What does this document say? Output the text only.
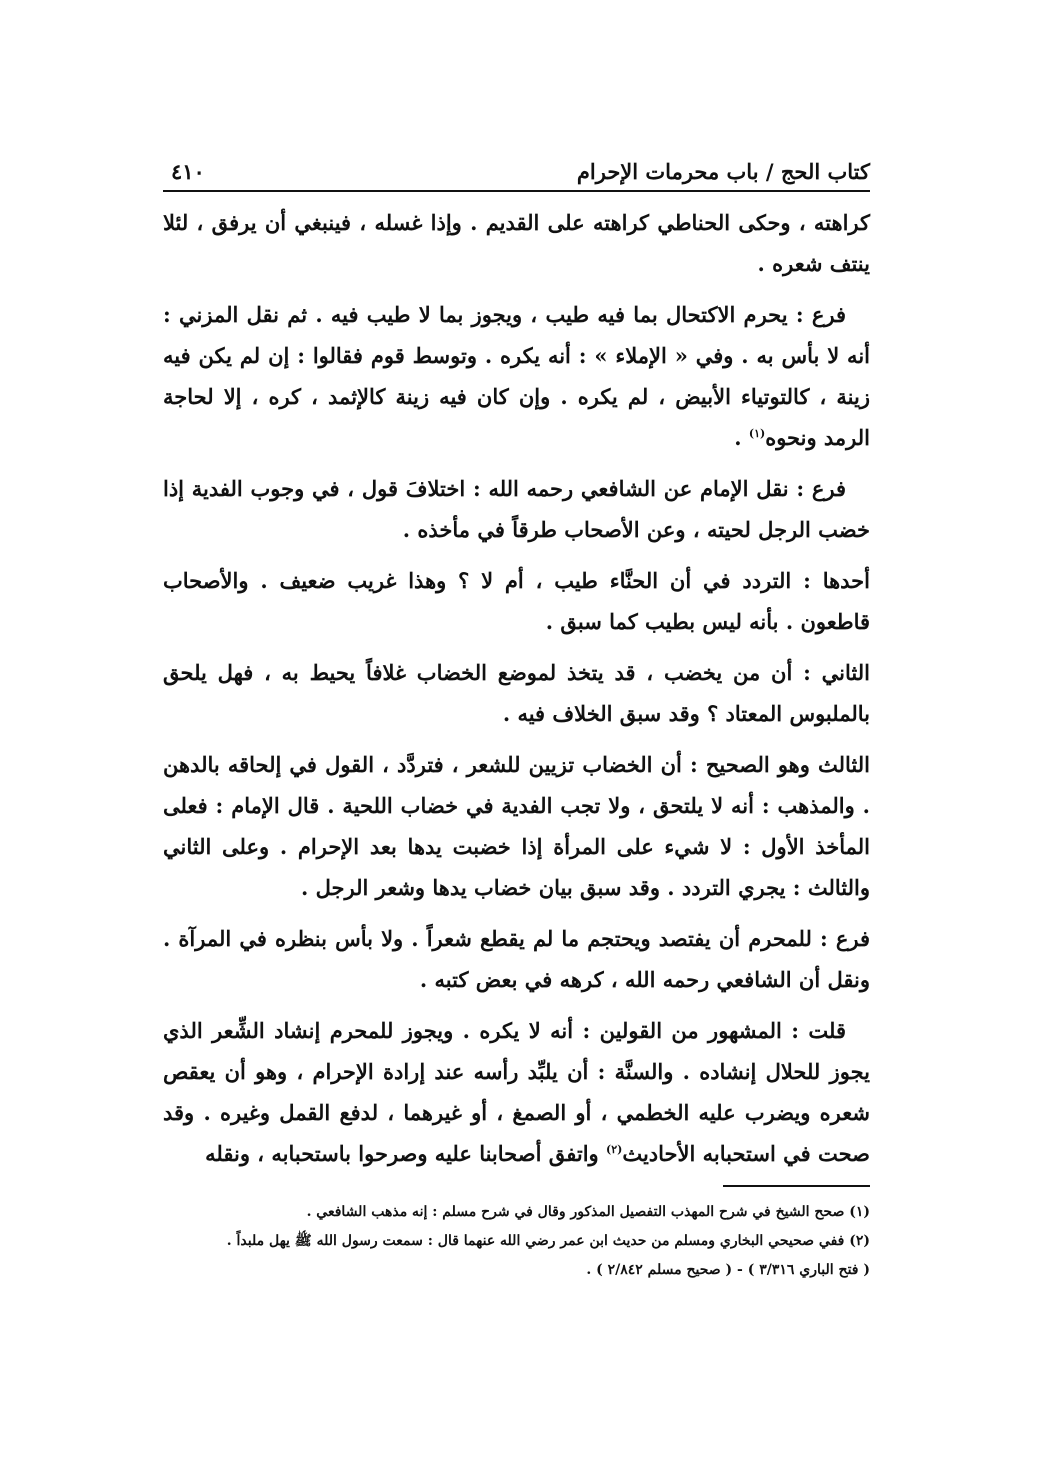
كتاب الحج / باب محرمات الإحرام
٤١٠

كراهته ، وحكى الحناطي كراهته على القديم . وإذا غسله ، فينبغي أن يرفق ، لئلا ينتف شعره .

فرع : يحرم الاكتحال بما فيه طيب ، ويجوز بما لا طيب فيه . ثم نقل المزني : أنه لا بأس به . وفي « الإملاء » : أنه يكره . وتوسط قوم فقالوا : إن لم يكن فيه زينة ، كالتوتياء الأبيض ، لم يكره . وإن كان فيه زينة كالإثمد ، كره ، إلا لحاجة الرمد ونحوه$^{(١)}$ .

فرع : نقل الإمام عن الشافعي رحمه الله : اختلافَ قول ، في وجوب الفدية إذا خضب الرجل لحيته ، وعن الأصحاب طرقاً في مأخذه .

أحدها : التردد في أن الحنَّاء طيب ، أم لا ؟ وهذا غريب ضعيف . والأصحاب قاطعون . بأنه ليس بطيب كما سبق .

الثاني : أن من يخضب ، قد يتخذ لموضع الخضاب غلافاً يحيط به ، فهل يلحق بالملبوس المعتاد ؟ وقد سبق الخلاف فيه .

الثالث وهو الصحيح : أن الخضاب تزيين للشعر ، فتردَّد ، القول في إلحاقه بالدهن . والمذهب : أنه لا يلتحق ، ولا تجب الفدية في خضاب اللحية . قال الإمام : فعلى المأخذ الأول : لا شيء على المرأة إذا خضبت يدها بعد الإحرام . وعلى الثاني والثالث : يجري التردد . وقد سبق بيان خضاب يدها وشعر الرجل .

فرع : للمحرم أن يفتصد ويحتجم ما لم يقطع شعراً . ولا بأس بنظره في المرآة . ونقل أن الشافعي رحمه الله ، كرهه في بعض كتبه .

قلت : المشهور من القولين : أنه لا يكره . ويجوز للمحرم إنشاد الشِّعر الذي يجوز للحلال إنشاده . والسنَّة : أن يلبِّد رأسه عند إرادة الإحرام ، وهو أن يعقص شعره ويضرب عليه الخطمي ، أو الصمغ ، أو غيرهما ، لدفع القمل وغيره . وقد صحت في استحبابه الأحاديث$^{(٢)}$ واتفق أصحابنا عليه وصرحوا باستحبابه ، ونقله

(١) صحح الشيخ في شرح المهذب التفصيل المذكور وقال في شرح مسلم : إنه مذهب الشافعي .

(٢) ففي صحيحي البخاري ومسلم من حديث ابن عمر رضي الله عنهما قال : سمعت رسول الله ﷺ يهل ملبداً .

( فتح الباري ٣/٣١٦ ) - ( صحيح مسلم ٢/٨٤٢ ) .
